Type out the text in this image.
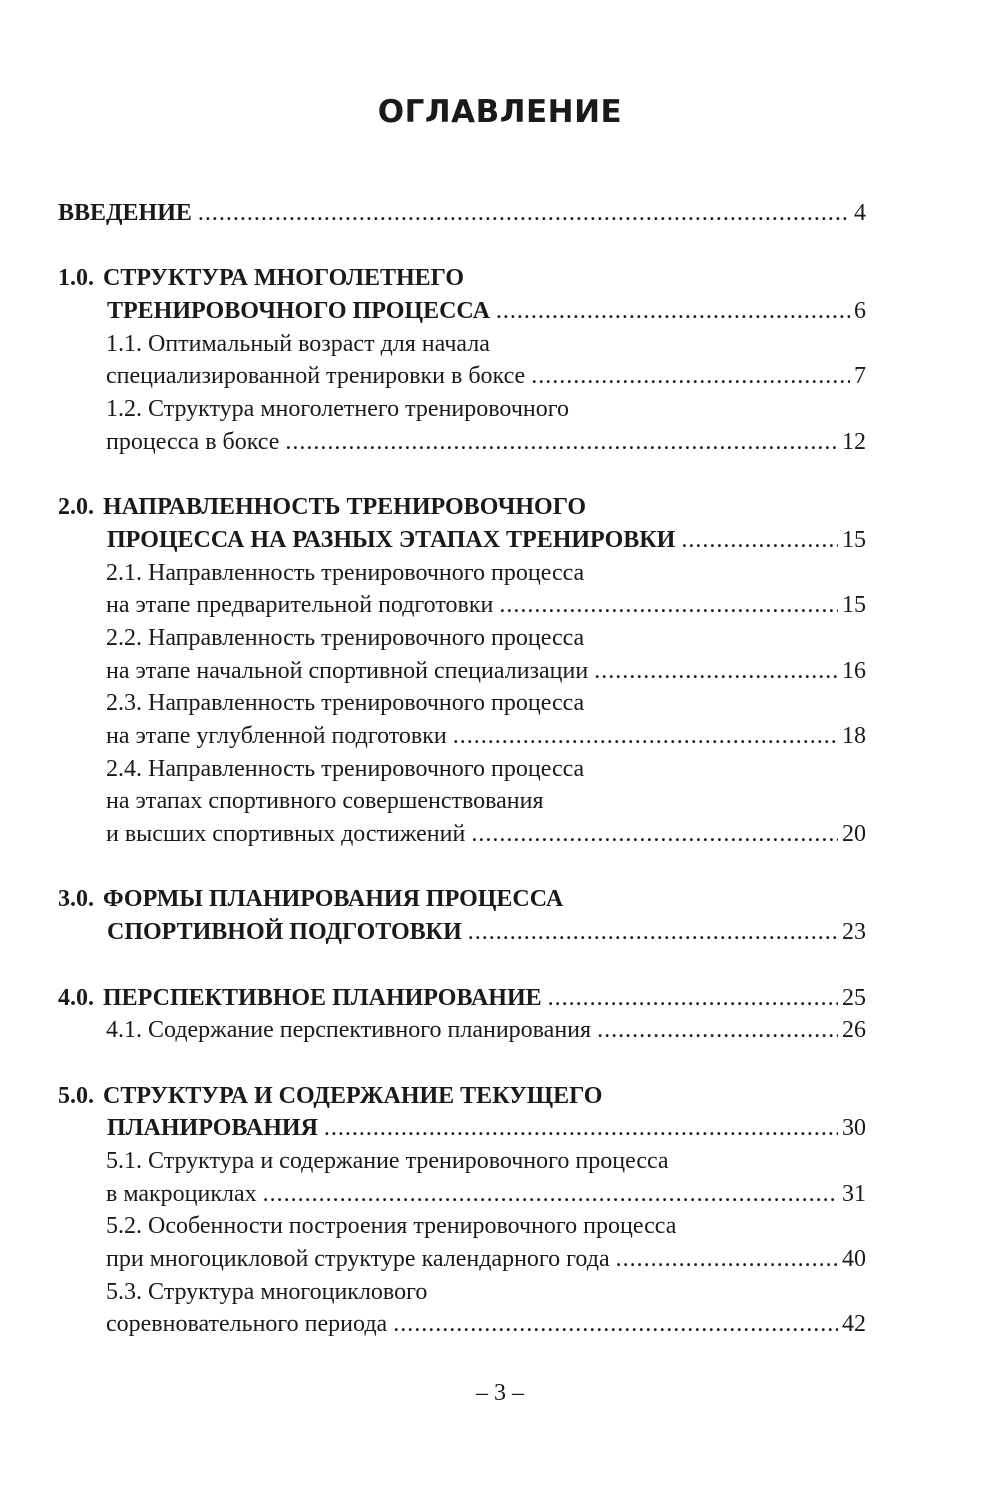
ОГЛАВЛЕНИЕ
ВВЕДЕНИЕ .....	4
1.0. СТРУКТУРА МНОГОЛЕТНЕГО
ТРЕНИРОВОЧНОГО ПРОЦЕССА .....	6
1.1. Оптимальный возраст для начала
специализированной тренировки в боксе .....	7
1.2. Структура многолетнего тренировочного
процесса в боксе .....	12
2.0. НАПРАВЛЕННОСТЬ ТРЕНИРОВОЧНОГО
ПРОЦЕССА НА РАЗНЫХ ЭТАПАХ ТРЕНИРОВКИ .....	15
2.1. Направленность тренировочного процесса
на этапе предварительной подготовки .....	15
2.2. Направленность тренировочного процесса
на этапе начальной спортивной специализации .....	16
2.3. Направленность тренировочного процесса
на этапе углубленной подготовки .....	18
2.4. Направленность тренировочного процесса
на этапах спортивного совершенствования
и высших спортивных достижений .....	20
3.0. ФОРМЫ ПЛАНИРОВАНИЯ ПРОЦЕССА
СПОРТИВНОЙ ПОДГОТОВКИ .....	23
4.0. ПЕРСПЕКТИВНОЕ ПЛАНИРОВАНИЕ .....	25
4.1. Содержание перспективного планирования .....	26
5.0. СТРУКТУРА И СОДЕРЖАНИЕ ТЕКУЩЕГО
ПЛАНИРОВАНИЯ .....	30
5.1. Структура и содержание тренировочного процесса
в макроциклах .....	31
5.2. Особенности построения тренировочного процесса
при многоцикловой структуре календарного года .....	40
5.3. Структура многоциклового
соревновательного периода .....	42
– 3 –
